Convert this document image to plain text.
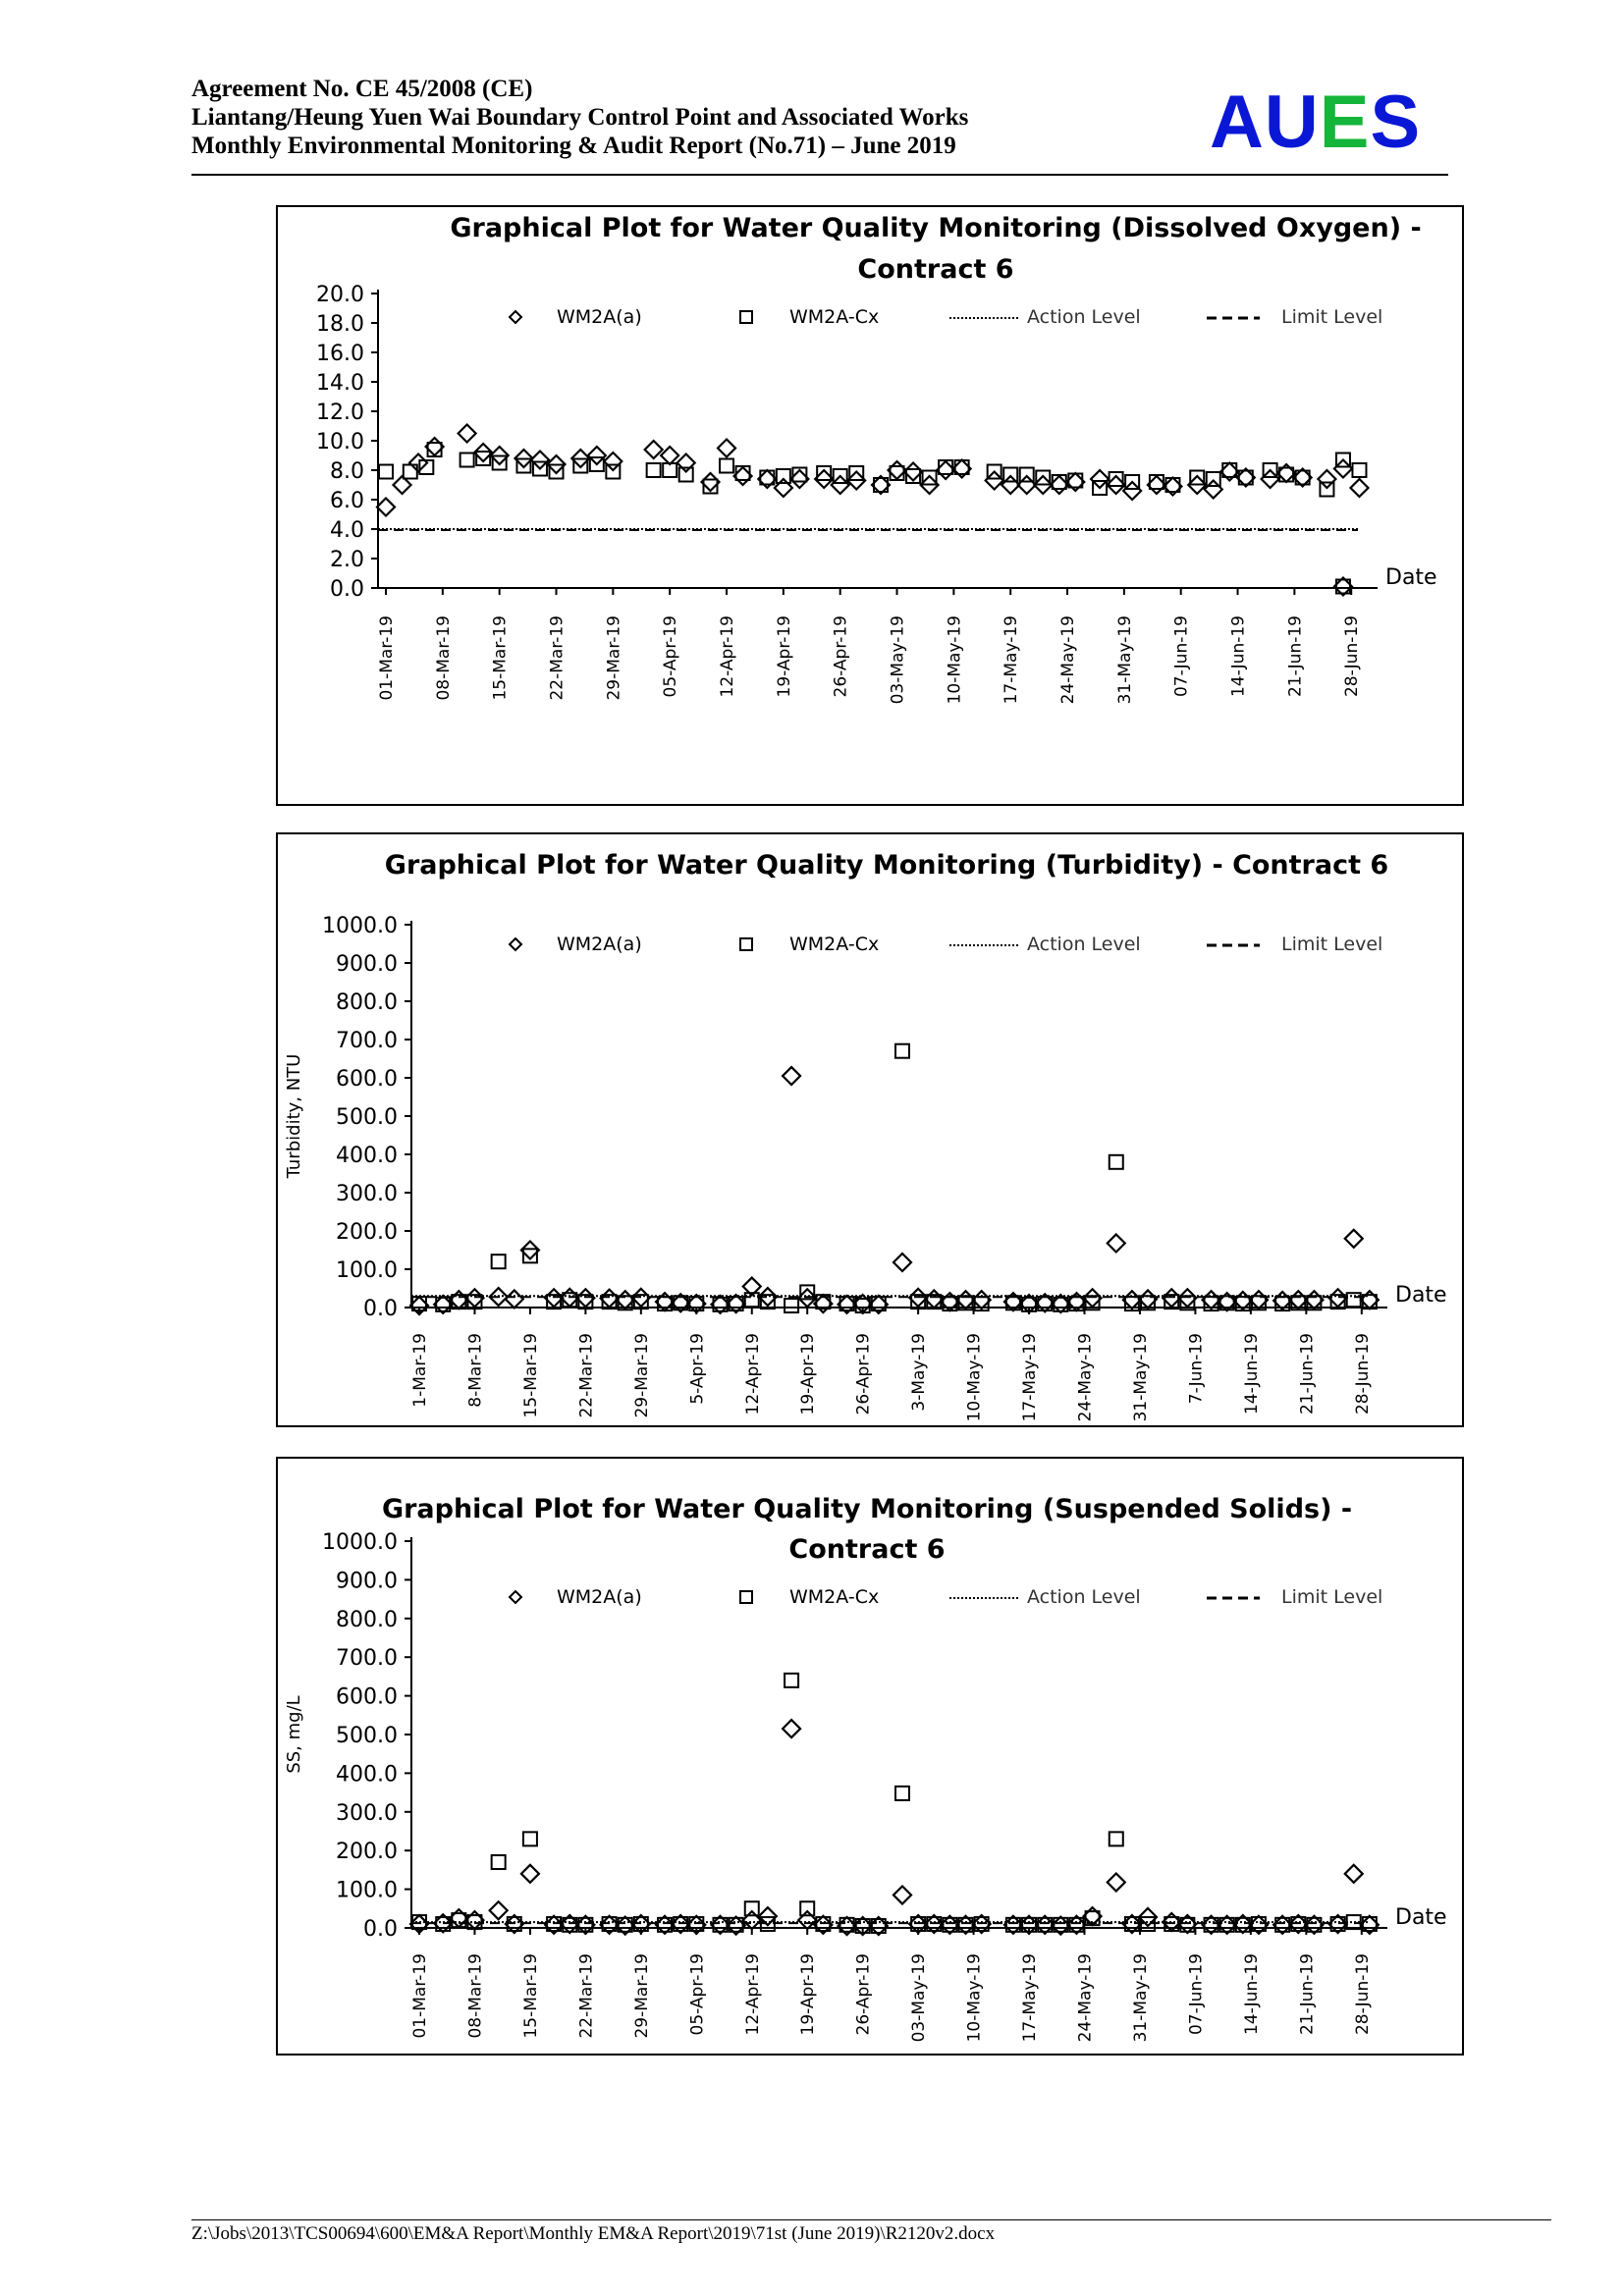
Agreement No. CE 45/2008 (CE)
Liantang/Heung Yuen Wai Boundary Control Point and Associated Works
Monthly Environmental Monitoring & Audit Report (No.71) – June 2019	AUES
Graphical Plot for Water Quality Monitoring (Dissolved Oxygen) -
Contract 6
WM2A(a)	WM2A-Cx	Action Level	Limit Level
Date
0.0
2.0
4.0
6.0
8.0
10.0
12.0
14.0
16.0
18.0
20.0
01-Mar-19 08-Mar-19 15-Mar-19 22-Mar-19 29-Mar-19 05-Apr-19 12-Apr-19 19-Apr-19 26-Apr-19 03-May-19 10-May-19 17-May-19 24-May-19 31-May-19 07-Jun-19 14-Jun-19 21-Jun-19 28-Jun-19
Graphical Plot for Water Quality Monitoring (Turbidity) - Contract 6
WM2A(a)	WM2A-Cx	Action Level	Limit Level
Date
0.0
100.0
200.0
300.0
400.0
500.0
600.0
700.0
800.0
900.0
1000.0
Turbidity, NTU
1-Mar-19 8-Mar-19 15-Mar-19 22-Mar-19 29-Mar-19 5-Apr-19 12-Apr-19 19-Apr-19 26-Apr-19 3-May-19 10-May-19 17-May-19 24-May-19 31-May-19 7-Jun-19 14-Jun-19 21-Jun-19 28-Jun-19
Graphical Plot for Water Quality Monitoring (Suspended Solids) -
Contract 6
WM2A(a)	WM2A-Cx	Action Level	Limit Level
Date
0.0
100.0
200.0
300.0
400.0
500.0
600.0
700.0
800.0
900.0
1000.0
SS, mg/L
01-Mar-19 08-Mar-19 15-Mar-19 22-Mar-19 29-Mar-19 05-Apr-19 12-Apr-19 19-Apr-19 26-Apr-19 03-May-19 10-May-19 17-May-19 24-May-19 31-May-19 07-Jun-19 14-Jun-19 21-Jun-19 28-Jun-19
Z:\Jobs\2013\TCS00694\600\EM&A Report\Monthly EM&A Report\2019\71st (June 2019)\R2120v2.docx
